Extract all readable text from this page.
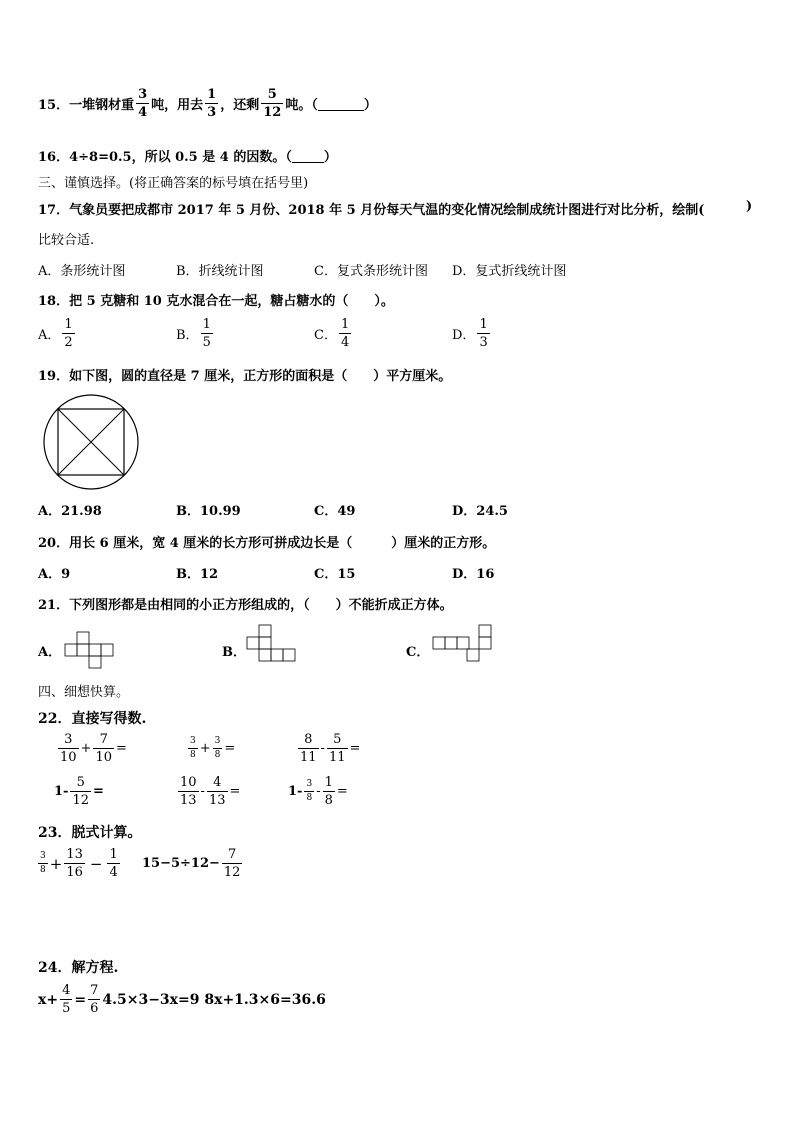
15． 一堆钢材重 $\frac{3}{4}$ 吨，用去 $\frac{1}{3}$ ，还剩 $\frac{5}{12}$ 吨。（	）
16．4÷8=0.5，所以 0.5 是 4 的因数。（ ）
三、谨慎选择。(将正确答案的标号填在括号里)
17．气象员要把成都市 2017 年 5 月份、2018 年 5 月份每天气温的变化情况绘制成统计图进行对比分析，绘制(	)
比较合适.
A．条形统计图	B．折线统计图	C．复式条形统计图 D．复式折线统计图
18．把 5 克糖和 10 克水混合在一起，糖占糖水的（　　）。
A． $\frac{1}{2}$	B． $\frac{1}{5}$	C． $\frac{1}{4}$	D． $\frac{1}{3}$
19．如下图，圆的直径是 7 厘米，正方形的面积是（　　）平方厘米。
A．21.98	B．10.99	C．49	D．24.5
20．用长 6 厘米，宽 4 厘米的长方形可拼成边长是（　　　）厘米的正方形。
A．9	B．12	C．15	D．16
21．下列图形都是由相同的小正方形组成的，（　　）不能折成正方体。
A．	B．	C．
四、细想快算。
22．直接写得数.
$\frac{3}{10} + \frac{7}{10}$ =	$\frac{3}{8} + \frac{3}{8}$ =	$\frac{8}{11} - \frac{5}{11}$ =
$1- \frac{5}{12}$ =	$\frac{10}{13} - \frac{4}{13}$ =	$1- \frac{3}{8} - \frac{1}{8}$ =
23．脱式计算。
$\frac{3}{8} + \frac{13}{16} - \frac{1}{4} 15-5\div 12- \frac{7}{12}$
24．解方程.
$x+ \frac{4}{5} = \frac{7}{6} 4.5\times 3-3x=9$ 8x+1.3×6=36.6
